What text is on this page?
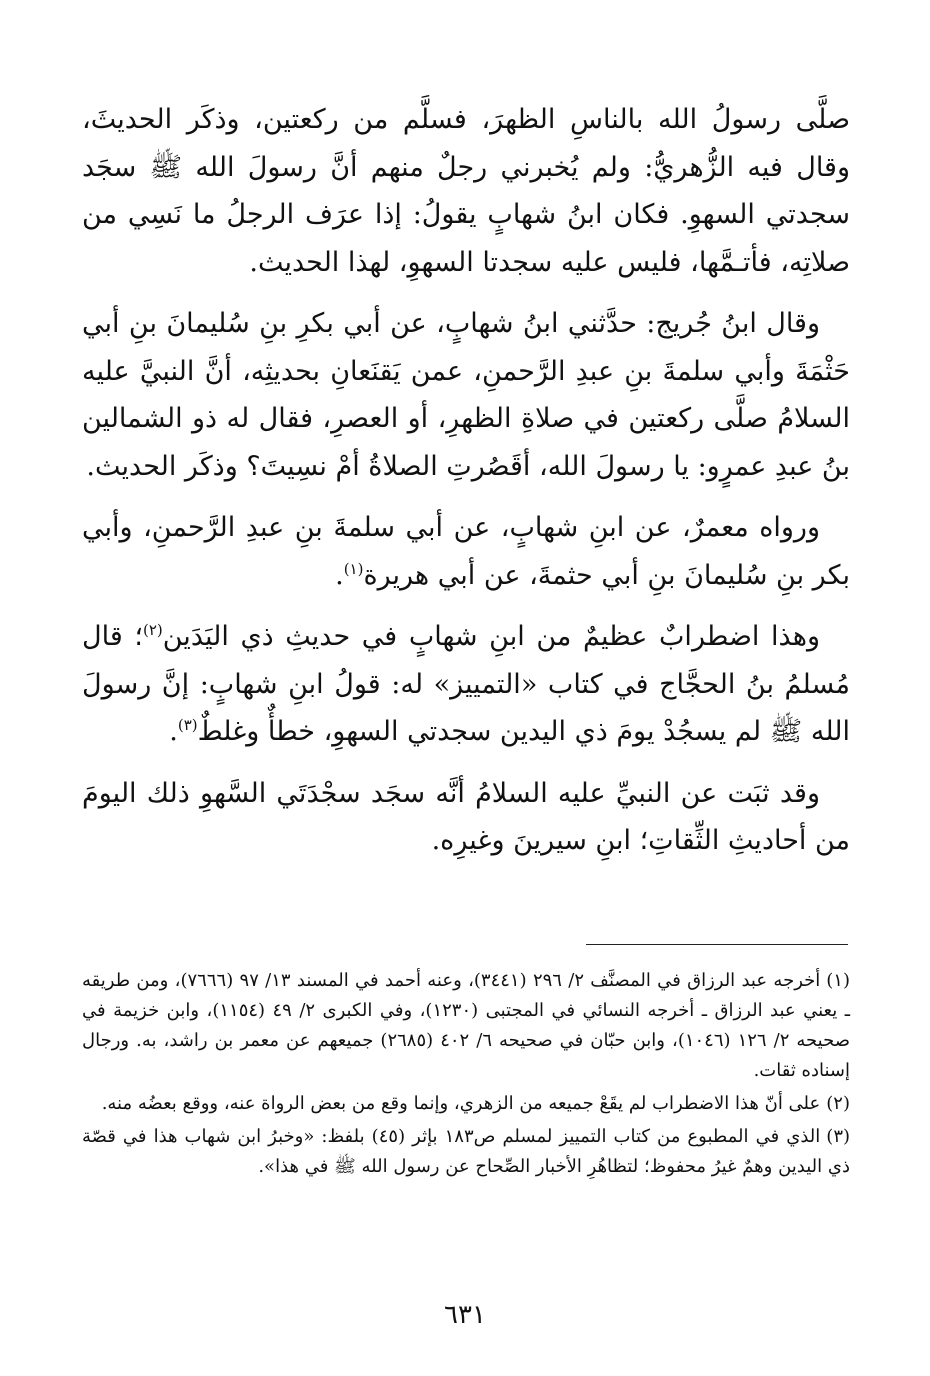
صلَّى رسولُ الله بالناسِ الظهرَ، فسلَّم من ركعتين، وذكَر الحديثَ، وقال فيه الزُّهريُّ: ولم يُخبرني رجلٌ منهم أنَّ رسولَ الله ﷺ سجَد سجدتي السهوِ. فكان ابنُ شهابٍ يقولُ: إذا عرَف الرجلُ ما نَسِي من صلاتِه، فأتـمَّها، فليس عليه سجدتا السهوِ، لهذا الحديث.

وقال ابنُ جُريج: حدَّثني ابنُ شهابٍ، عن أبي بكرِ بنِ سُليمانَ بنِ أبي حَثْمَةَ وأبي سلمةَ بنِ عبدِ الرَّحمنِ، عمن يَقنَعانِ بحديثِه، أنَّ النبيَّ عليه السلامُ صلَّى ركعتين في صلاةِ الظهرِ، أو العصرِ، فقال له ذو الشمالين بنُ عبدِ عمرٍو: يا رسولَ الله، أقَصُرتِ الصلاةُ أمْ نسِيتَ؟ وذكَر الحديث.

ورواه معمرٌ، عن ابنِ شهابٍ، عن أبي سلمةَ بنِ عبدِ الرَّحمنِ، وأبي بكر بنِ سُليمانَ بنِ أبي حثمةَ، عن أبي هريرة$^{(١)}$.

وهذا اضطرابٌ عظيمٌ من ابنِ شهابٍ في حديثِ ذي اليَدَين$^{(٢)}$؛ قال مُسلمُ بنُ الحجَّاج في كتاب «التمييز» له: قولُ ابنِ شهابٍ: إنَّ رسولَ الله ﷺ لم يسجُدْ يومَ ذي اليدين سجدتي السهوِ، خطأٌ وغلطٌ$^{(٣)}$.

وقد ثبَت عن النبيِّ عليه السلامُ أنَّه سجَد سجْدَتَي السَّهوِ ذلك اليومَ من أحاديثِ الثِّقاتِ؛ ابنِ سيرينَ وغيرِه.

(١)أخرجه عبد الرزاق في المصنَّف ٢/ ٢٩٦ (٣٤٤١)، وعنه أحمد في المسند ١٣/ ٩٧ (٧٦٦٦)، ومن طريقه ـ يعني عبد الرزاق ـ أخرجه النسائي في المجتبى (١٢٣٠)، وفي الكبرى ٢/ ٤٩ (١١٥٤)، وابن خزيمة في صحيحه ٢/ ١٢٦ (١٠٤٦)، وابن حبّان في صحيحه ٦/ ٤٠٢ (٢٦٨٥) جميعهم عن معمر بن راشد، به. ورجال إسناده ثقات.

(٢)على أنّ هذا الاضطراب لم يقَعْ جميعه من الزهري، وإنما وقع من بعض الرواة عنه، ووقع بعضُه منه.

(٣)الذي في المطبوع من كتاب التمييز لمسلم ص١٨٣ بإثر (٤٥) بلفظ: «وخبرُ ابن شهاب هذا في قصّة ذي اليدين وهمٌ غيرُ محفوظ؛ لتظاهُرِ الأخبار الصِّحاح عن رسول الله ﷺ في هذا».

٦٣١
